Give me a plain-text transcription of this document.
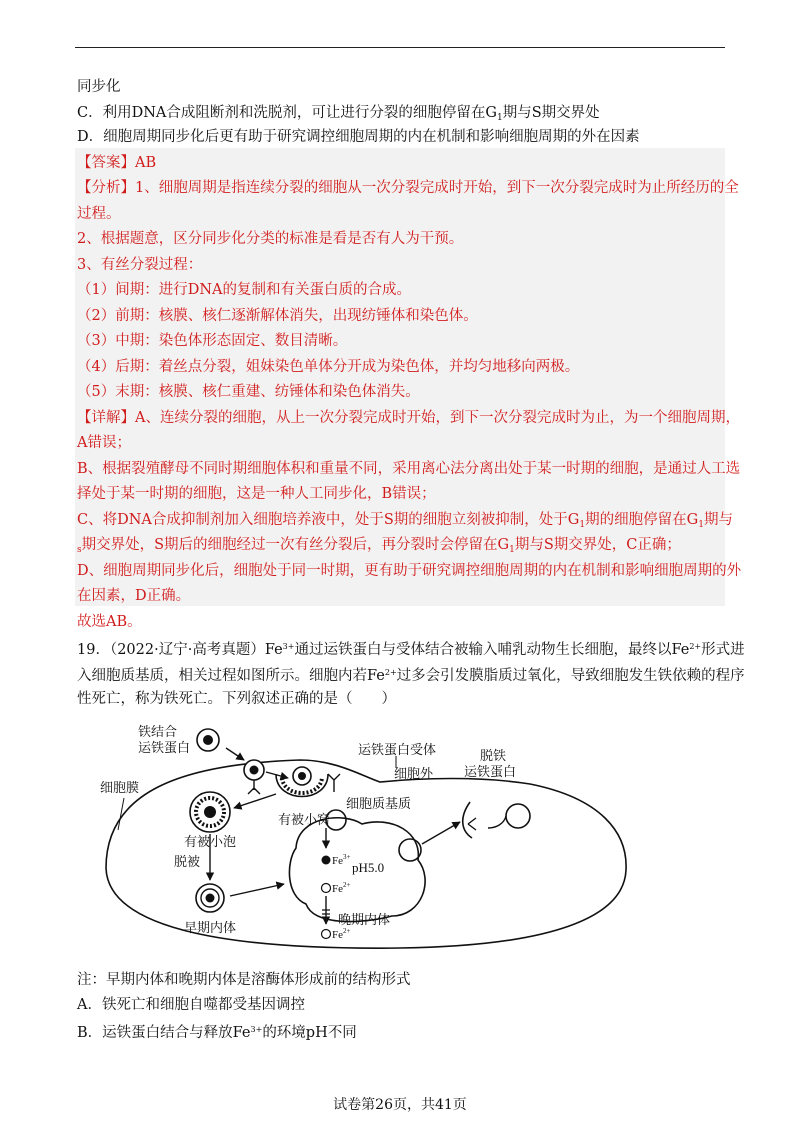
同步化
C．利用DNA合成阻断剂和洗脱剂，可让进行分裂的细胞停留在$G_1$期与S期交界处
D．细胞周期同步化后更有助于研究调控细胞周期的内在机制和影响细胞周期的外在因素
【答案】AB
【分析】1、细胞周期是指连续分裂的细胞从一次分裂完成时开始，到下一次分裂完成时为止所经历的全
过程。
2、根据题意，区分同步化分类的标准是看是否有人为干预。
3、有丝分裂过程：
（1）间期：进行DNA的复制和有关蛋白质的合成。
（2）前期：核膜、核仁逐渐解体消失，出现纺锤体和染色体。
（3）中期：染色体形态固定、数目清晰。
（4）后期：着丝点分裂，姐妹染色单体分开成为染色体，并均匀地移向两极。
（5）末期：核膜、核仁重建、纺锤体和染色体消失。
【详解】A、连续分裂的细胞，从上一次分裂完成时开始，到下一次分裂完成时为止，为一个细胞周期，
A错误；
B、根据裂殖酵母不同时期细胞体积和重量不同，采用离心法分离出处于某一时期的细胞，是通过人工选
择处于某一时期的细胞，这是一种人工同步化，B错误；
C、将DNA合成抑制剂加入细胞培养液中，处于S期的细胞立刻被抑制，处于$G_1$期的细胞停留在$G_1$期与
$_s$期交界处，S期后的细胞经过一次有丝分裂后，再分裂时会停留在$G_1$期与S期交界处，C正确；
D、细胞周期同步化后，细胞处于同一时期，更有助于研究调控细胞周期的内在机制和影响细胞周期的外
在因素，D正确。
故选AB。
19．（2022·辽宁·高考真题）$Fe^{3+}$通过运铁蛋白与受体结合被输入哺乳动物生长细胞，最终以$Fe^{2+}$形式进
入细胞质基质，相关过程如图所示。细胞内若$Fe^{2+}$过多会引发膜脂质过氧化，导致细胞发生铁依赖的程序
性死亡，称为铁死亡。下列叙述正确的是（　　）
铁结合
运铁蛋白	运铁蛋白受体
细胞外
脱铁
运铁蛋白
细胞膜
细胞质基质
有被小窝
有被小泡
脱被
早期内体
晚期内体
pH5.0
$Fe^{3+}$
$Fe^{2+}$
$Fe^{2+}$
注：早期内体和晚期内体是溶酶体形成前的结构形式
A．铁死亡和细胞自噬都受基因调控
B．运铁蛋白结合与释放$Fe^{3+}$的环境pH不同
试卷第26页，共41页
